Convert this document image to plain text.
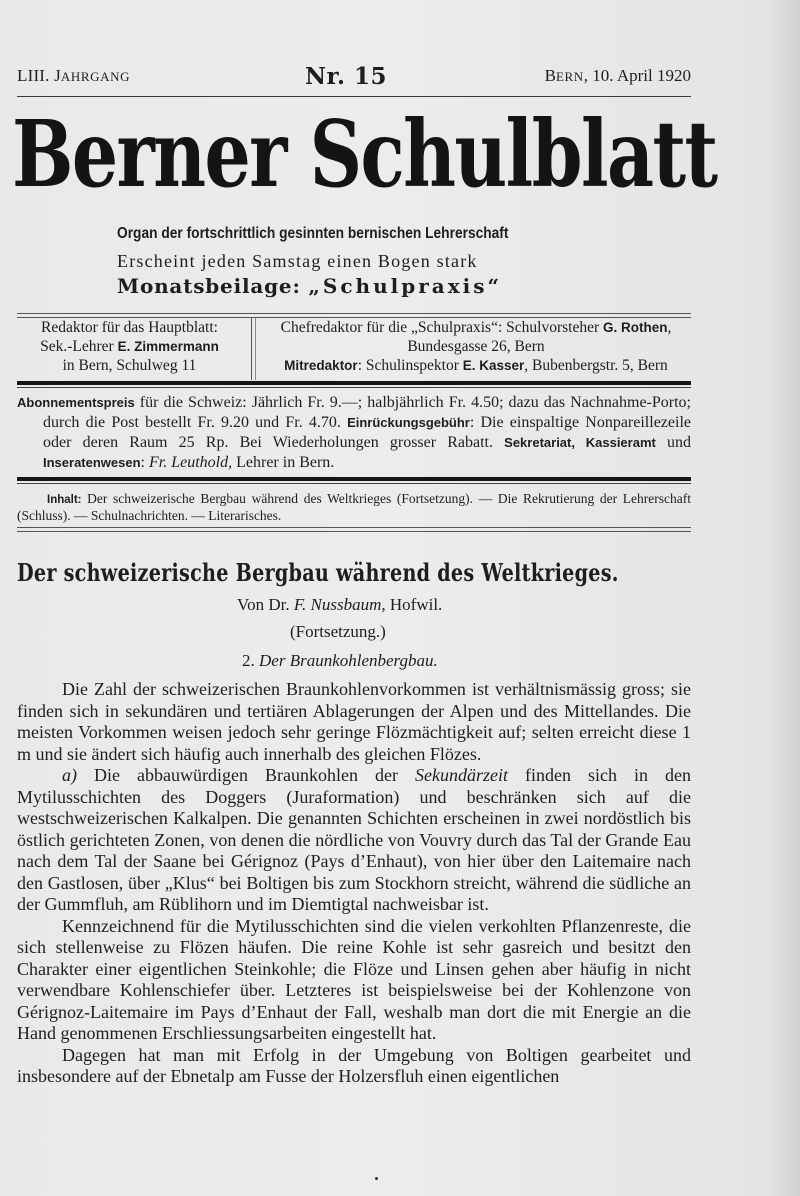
LIII. JAHRGANG	Nr. 15	BERN, 10. April 1920
Berner Schulblatt
Organ der fortschrittlich gesinnten bernischen Lehrerschaft
Erscheint jeden Samstag einen Bogen stark
Monatsbeilage: „Schulpraxis“
Redaktor für das Hauptblatt:
Sek.-Lehrer E. Zimmermann
in Bern, Schulweg 11
Chefredaktor für die „Schulpraxis“: Schulvorsteher G. Rothen,
Bundesgasse 26, Bern
Mitredaktor: Schulinspektor E. Kasser, Bubenbergstr. 5, Bern

Abonnementspreis für die Schweiz: Jährlich Fr. 9.—; halbjährlich Fr. 4.50; dazu das Nachnahme-Porto; durch die Post bestellt Fr. 9.20 und Fr. 4.70. Einrückungsgebühr: Die einspaltige Nonpareillezeile oder deren Raum 25 Rp. Bei Wiederholungen grosser Rabatt. Sekretariat, Kassieramt und Inseratenwesen: Fr. Leuthold, Lehrer in Bern.

Inhalt: Der schweizerische Bergbau während des Weltkrieges (Fortsetzung). — Die Rekrutierung der Lehrerschaft (Schluss). — Schulnachrichten. — Literarisches.

Der schweizerische Bergbau während des Weltkrieges.
Von Dr. F. Nussbaum, Hofwil.
(Fortsetzung.)
2. Der Braunkohlenbergbau.

Die Zahl der schweizerischen Braunkohlenvorkommen ist verhältnismässig gross; sie finden sich in sekundären und tertiären Ablagerungen der Alpen und des Mittellandes. Die meisten Vorkommen weisen jedoch sehr geringe Flözmächtigkeit auf; selten erreicht diese 1 m und sie ändert sich häufig auch innerhalb des gleichen Flözes.

a) Die abbauwürdigen Braunkohlen der Sekundärzeit finden sich in den Mytilusschichten des Doggers (Juraformation) und beschränken sich auf die westschweizerischen Kalkalpen. Die genannten Schichten erscheinen in zwei nordöstlich bis östlich gerichteten Zonen, von denen die nördliche von Vouvry durch das Tal der Grande Eau nach dem Tal der Saane bei Gérignoz (Pays d’Enhaut), von hier über den Laitemaire nach den Gastlosen, über „Klus“ bei Boltigen bis zum Stockhorn streicht, während die südliche an der Gummfluh, am Rüblihorn und im Diemtigtal nachweisbar ist.

Kennzeichnend für die Mytilusschichten sind die vielen verkohlten Pflanzenreste, die sich stellenweise zu Flözen häufen. Die reine Kohle ist sehr gasreich und besitzt den Charakter einer eigentlichen Steinkohle; die Flöze und Linsen gehen aber häufig in nicht verwendbare Kohlenschiefer über. Letzteres ist beispielsweise bei der Kohlenzone von Gérignoz-Laitemaire im Pays d’Enhaut der Fall, weshalb man dort die mit Energie an die Hand genommenen Erschliessungsarbeiten eingestellt hat.

Dagegen hat man mit Erfolg in der Umgebung von Boltigen gearbeitet und insbesondere auf der Ebnetalp am Fusse der Holzersfluh einen eigentlichen
